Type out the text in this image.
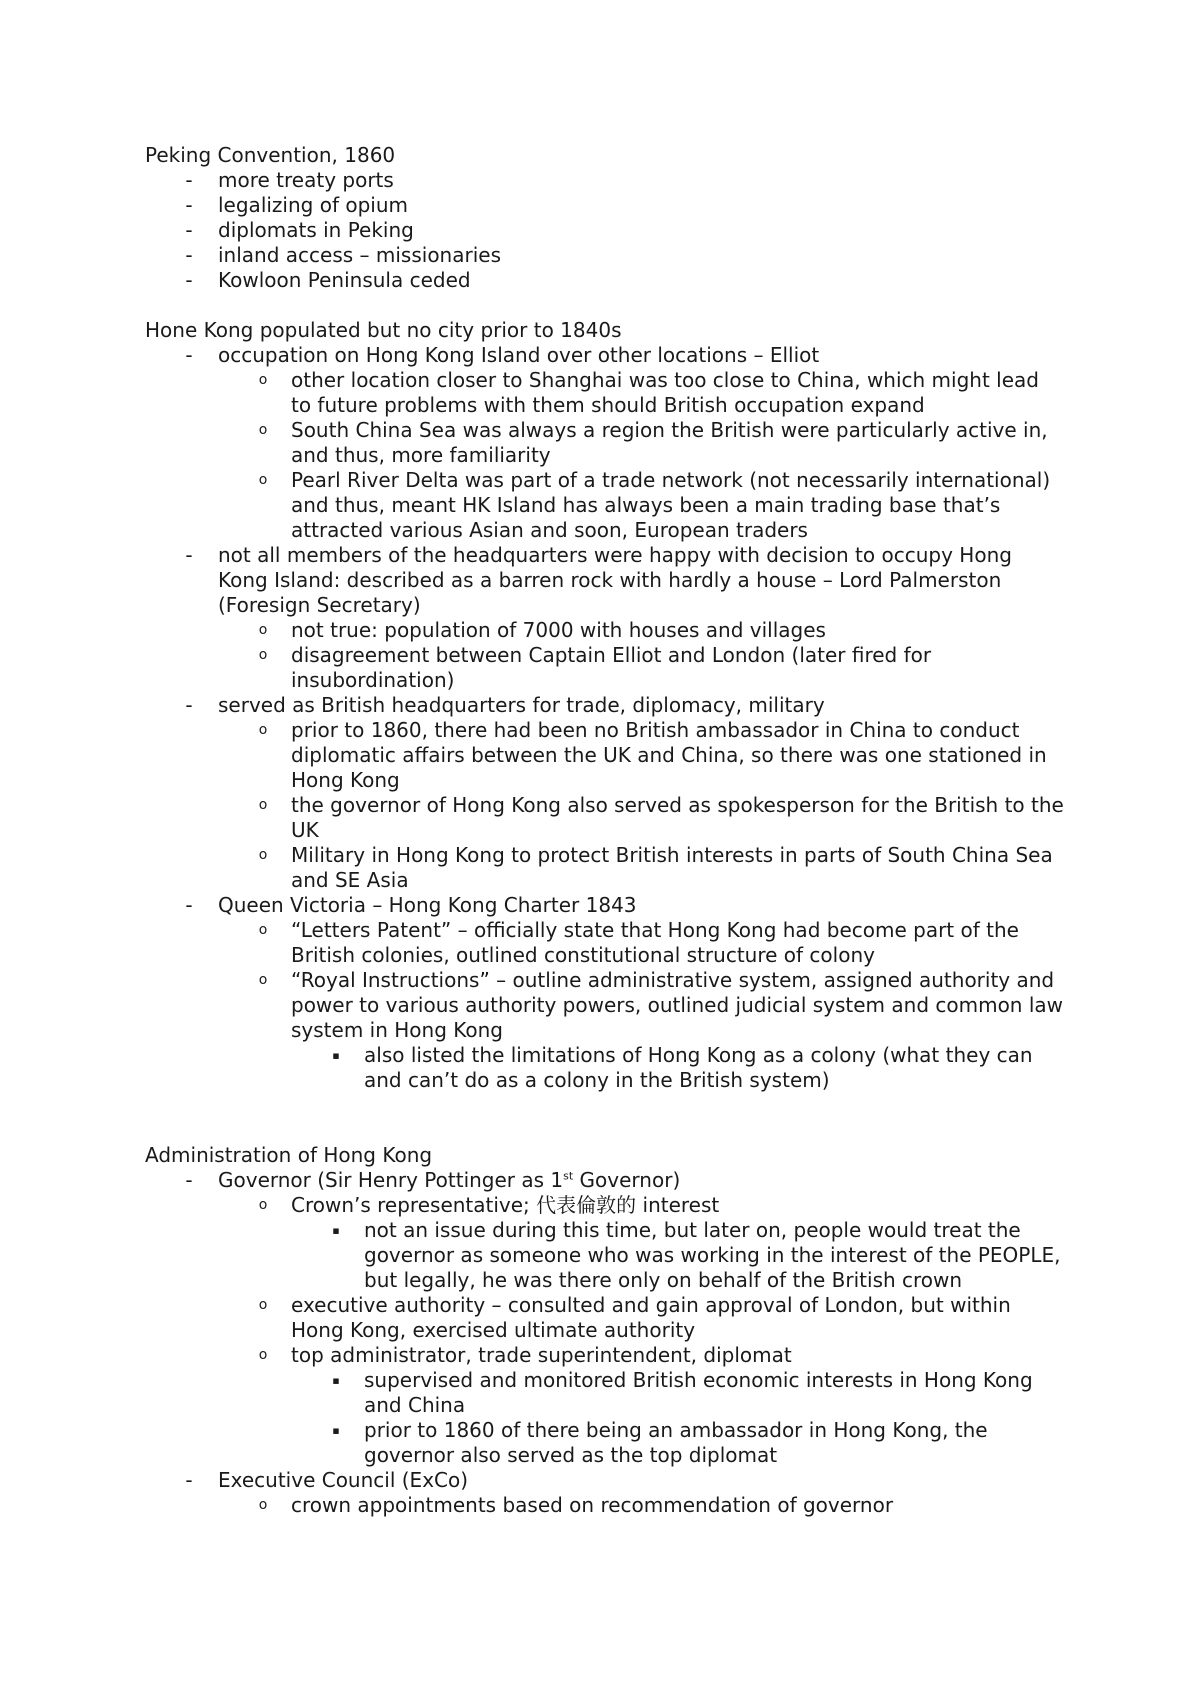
Peking Convention, 1860
- more treaty ports
- legalizing of opium
- diplomats in Peking
- inland access – missionaries
- Kowloon Peninsula ceded
Hone Kong populated but no city prior to 1840s
- occupation on Hong Kong Island over other locations – Elliot
o other location closer to Shanghai was too close to China, which might lead to future problems with them should British occupation expand
o South China Sea was always a region the British were particularly active in, and thus, more familiarity
o Pearl River Delta was part of a trade network (not necessarily international) and thus, meant HK Island has always been a main trading base that’s attracted various Asian and soon, European traders
- not all members of the headquarters were happy with decision to occupy Hong Kong Island: described as a barren rock with hardly a house – Lord Palmerston (Foresign Secretary)
o not true: population of 7000 with houses and villages
o disagreement between Captain Elliot and London (later fired for insubordination)
- served as British headquarters for trade, diplomacy, military
o prior to 1860, there had been no British ambassador in China to conduct diplomatic affairs between the UK and China, so there was one stationed in Hong Kong
o the governor of Hong Kong also served as spokesperson for the British to the UK
o Military in Hong Kong to protect British interests in parts of South China Sea and SE Asia
- Queen Victoria – Hong Kong Charter 1843
o “Letters Patent” – officially state that Hong Kong had become part of the British colonies, outlined constitutional structure of colony
o “Royal Instructions” – outline administrative system, assigned authority and power to various authority powers, outlined judicial system and common law system in Hong Kong
▪ also listed the limitations of Hong Kong as a colony (what they can and can’t do as a colony in the British system)
Administration of Hong Kong
- Governor (Sir Henry Pottinger as 1st Governor)
o Crown’s representative; 代表倫敦的 interest
▪ not an issue during this time, but later on, people would treat the governor as someone who was working in the interest of the PEOPLE, but legally, he was there only on behalf of the British crown
o executive authority – consulted and gain approval of London, but within Hong Kong, exercised ultimate authority
o top administrator, trade superintendent, diplomat
▪ supervised and monitored British economic interests in Hong Kong and China
▪ prior to 1860 of there being an ambassador in Hong Kong, the governor also served as the top diplomat
- Executive Council (ExCo)
o crown appointments based on recommendation of governor
